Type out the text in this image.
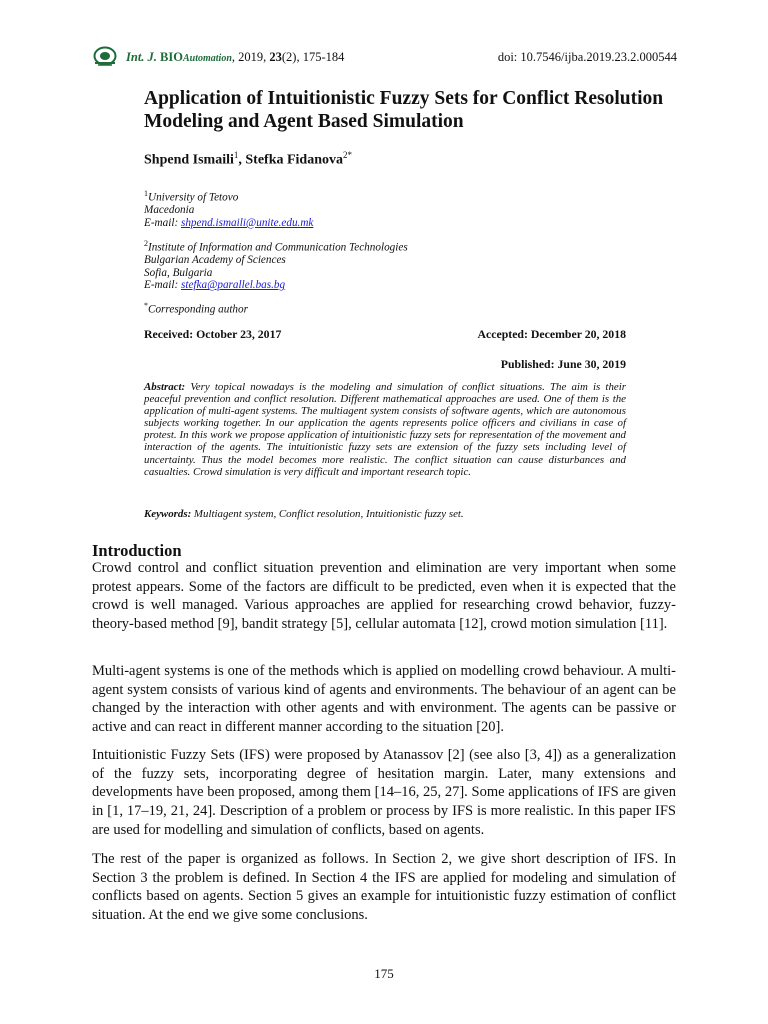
Int. J. BIOAutomation, 2019, 23(2), 175-184	doi: 10.7546/ijba.2019.23.2.000544
Application of Intuitionistic Fuzzy Sets for Conflict Resolution Modeling and Agent Based Simulation
Shpend Ismaili$^1$, Stefka Fidanova$^{2*}$
$^1$University of Tetovo
Macedonia
E-mail: shpend.ismaili@unite.edu.mk
$^2$Institute of Information and Communication Technologies
Bulgarian Academy of Sciences
Sofia, Bulgaria
E-mail: stefka@parallel.bas.bg
*Corresponding author
Received: October 23, 2017	Accepted: December 20, 2018
Published: June 30, 2019
Abstract: Very topical nowadays is the modeling and simulation of conflict situations. The aim is their peaceful prevention and conflict resolution. Different mathematical approaches are used. One of them is the application of multi-agent systems. The multiagent system consists of software agents, which are autonomous subjects working together. In our application the agents represents police officers and civilians in case of protest. In this work we propose application of intuitionistic fuzzy sets for representation of the movement and interaction of the agents. The intuitionistic fuzzy sets are extension of the fuzzy sets including level of uncertainty. Thus the model becomes more realistic. The conflict situation can cause disturbances and casualties. Crowd simulation is very difficult and important research topic.
Keywords: Multiagent system, Conflict resolution, Intuitionistic fuzzy set.
Introduction
Crowd control and conflict situation prevention and elimination are very important when some protest appears. Some of the factors are difficult to be predicted, even when it is expected that the crowd is well managed. Various approaches are applied for researching crowd behavior, fuzzy-theory-based method [9], bandit strategy [5], cellular automata [12], crowd motion simulation [11].
Multi-agent systems is one of the methods which is applied on modelling crowd behaviour. A multi-agent system consists of various kind of agents and environments. The behaviour of an agent can be changed by the interaction with other agents and with environment. The agents can be passive or active and can react in different manner according to the situation [20].
Intuitionistic Fuzzy Sets (IFS) were proposed by Atanassov [2] (see also [3, 4]) as a generalization of the fuzzy sets, incorporating degree of hesitation margin. Later, many extensions and developments have been proposed, among them [14–16, 25, 27]. Some applications of IFS are given in [1, 17–19, 21, 24]. Description of a problem or process by IFS is more realistic. In this paper IFS are used for modelling and simulation of conflicts, based on agents.
The rest of the paper is organized as follows. In Section 2, we give short description of IFS. In Section 3 the problem is defined. In Section 4 the IFS are applied for modeling and simulation of conflicts based on agents. Section 5 gives an example for intuitionistic fuzzy estimation of conflict situation. At the end we give some conclusions.
175
